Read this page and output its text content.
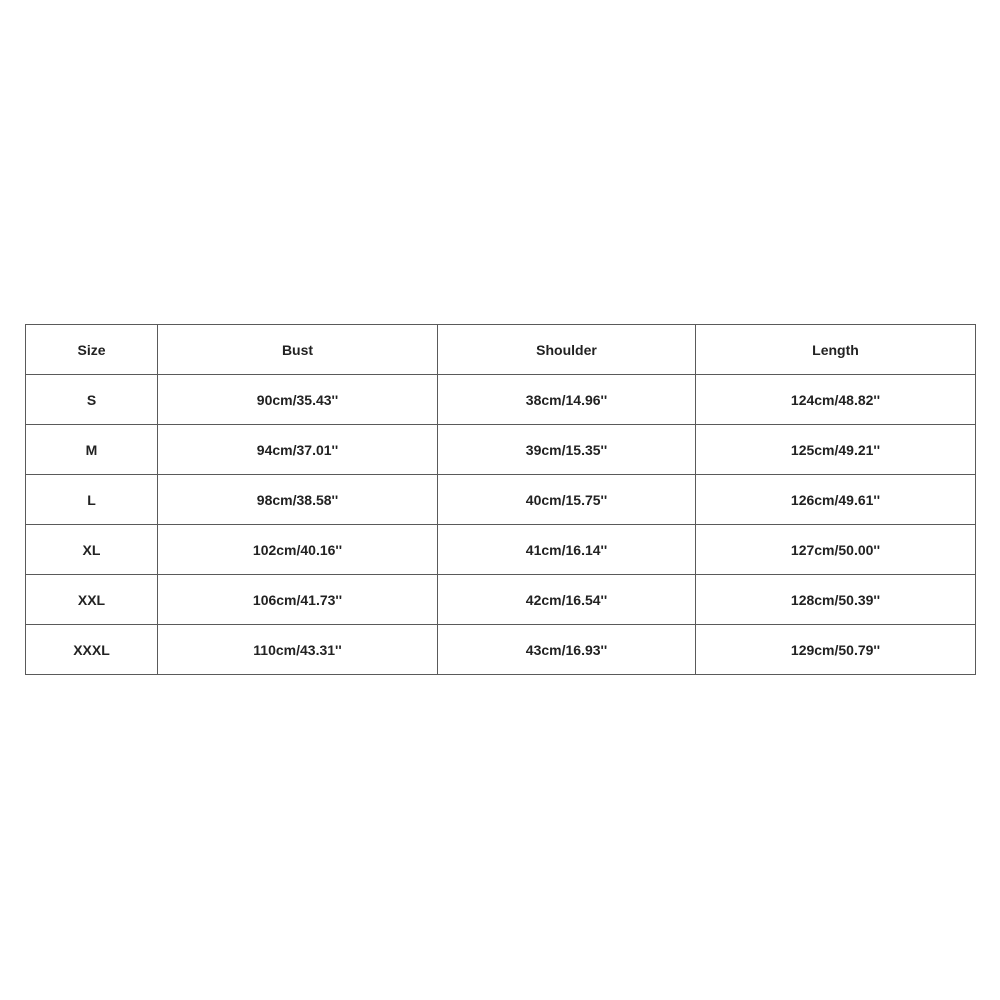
Size	Bust	Shoulder	Length
S	90cm/35.43''	38cm/14.96''	124cm/48.82''
M	94cm/37.01''	39cm/15.35''	125cm/49.21''
L	98cm/38.58''	40cm/15.75''	126cm/49.61''
XL	102cm/40.16''	41cm/16.14''	127cm/50.00''
XXL	106cm/41.73''	42cm/16.54''	128cm/50.39''
XXXL	110cm/43.31''	43cm/16.93''	129cm/50.79''
